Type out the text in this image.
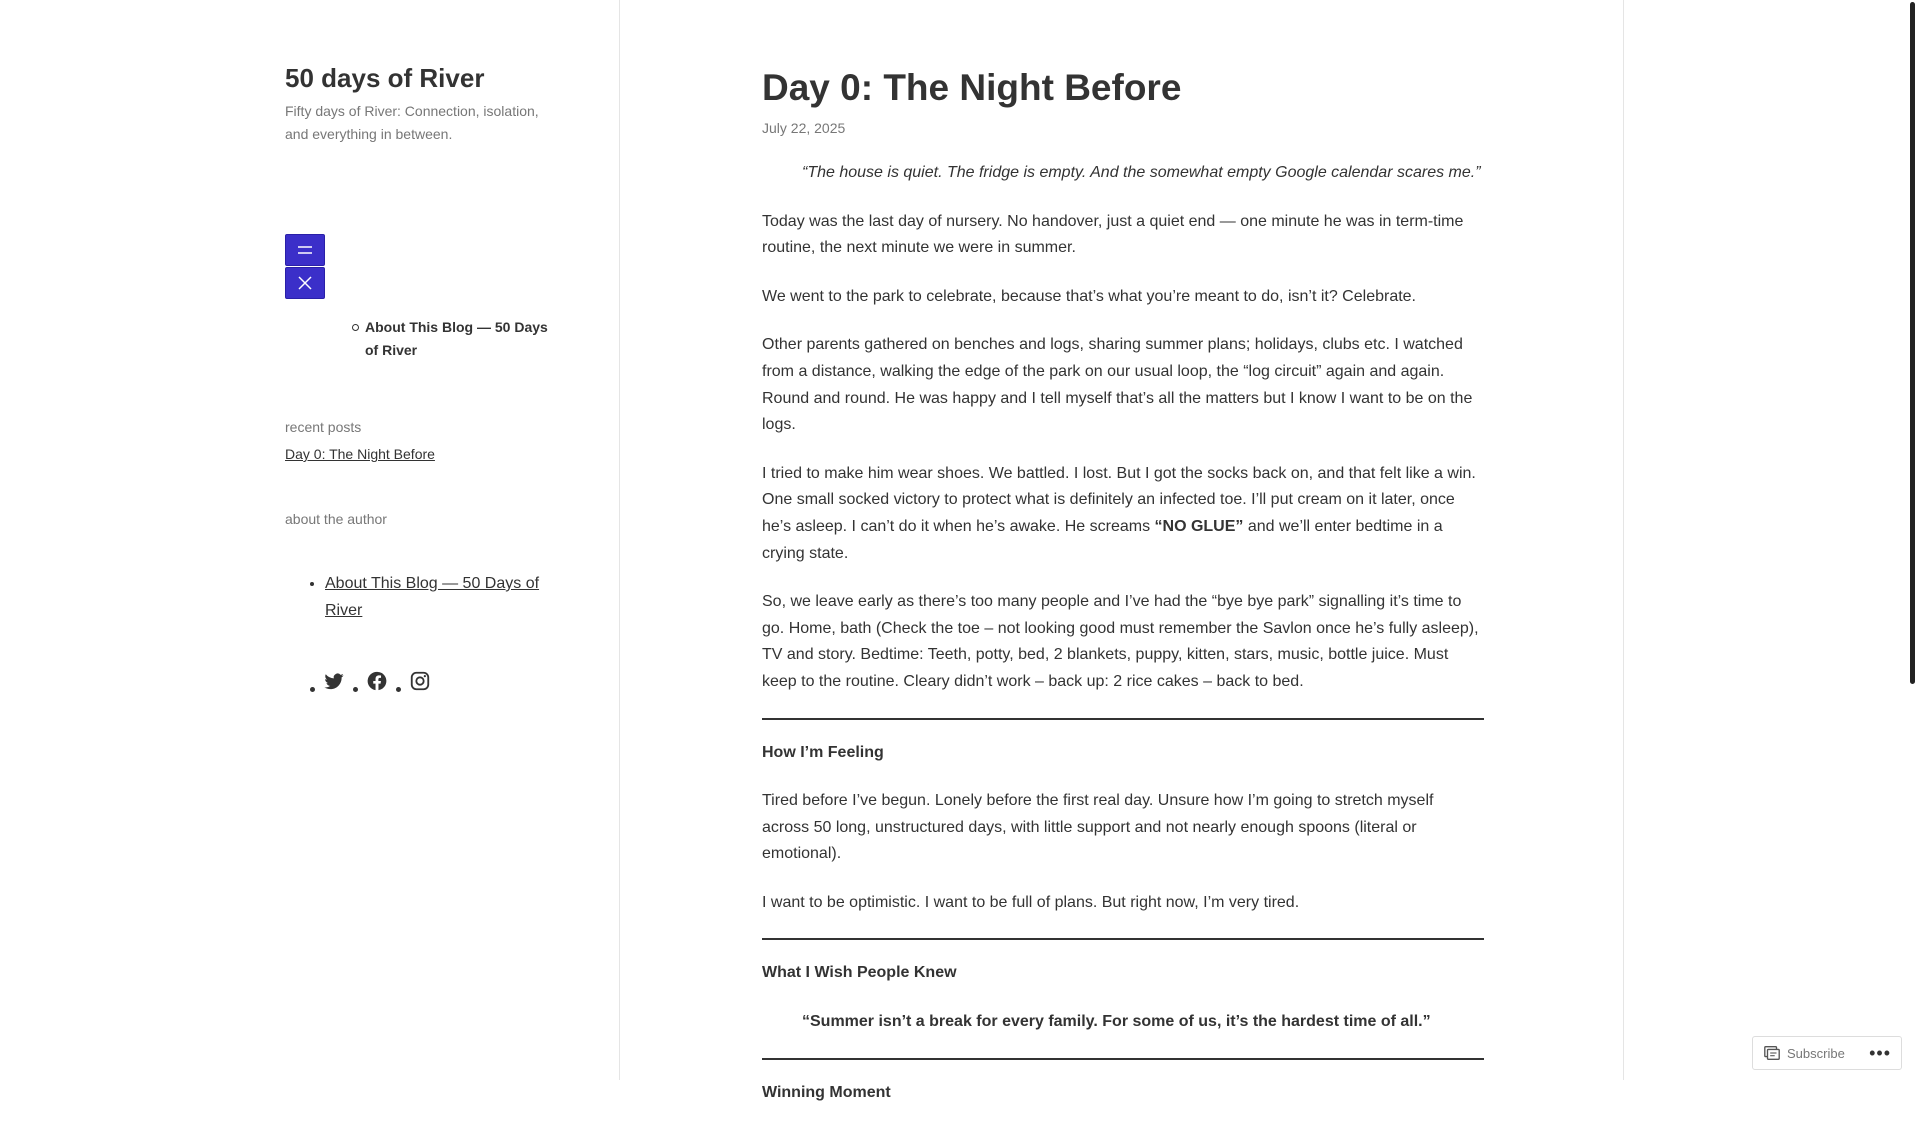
50 days of River
Fifty days of River: Connection, isolation, and everything in between.
About This Blog — 50 Days of River
recent posts
Day 0: The Night Before
about the author
• About This Blog — 50 Days of River
Day 0: The Night Before
July 22, 2025
“The house is quiet. The fridge is empty. And the somewhat empty Google calendar scares me.”

Today was the last day of nursery. No handover, just a quiet end — one minute he was in term-time routine, the next minute we were in summer.

We went to the park to celebrate, because that’s what you’re meant to do, isn’t it? Celebrate.

Other parents gathered on benches and logs, sharing summer plans; holidays, clubs etc. I watched from a distance, walking the edge of the park on our usual loop, the “log circuit” again and again. Round and round. He was happy and I tell myself that’s all the matters but I know I want to be on the logs.

I tried to make him wear shoes. We battled. I lost. But I got the socks back on, and that felt like a win. One small socked victory to protect what is definitely an infected toe. I’ll put cream on it later, once he’s asleep. I can’t do it when he’s awake. He screams “NO GLUE” and we’ll enter bedtime in a crying state.

So, we leave early as there’s too many people and I’ve had the “bye bye park” signalling it’s time to go. Home, bath (Check the toe – not looking good must remember the Savlon once he’s fully asleep), TV and story. Bedtime: Teeth, potty, bed, 2 blankets, puppy, kitten, stars, music, bottle juice. Must keep to the routine. Cleary didn’t work – back up: 2 rice cakes – back to bed.

How I’m Feeling

Tired before I’ve begun. Lonely before the first real day. Unsure how I’m going to stretch myself across 50 long, unstructured days, with little support and not nearly enough spoons (literal or emotional).

I want to be optimistic. I want to be full of plans. But right now, I’m very tired.

What I Wish People Knew
“Summer isn’t a break for every family. For some of us, it’s the hardest time of all.”
Winning Moment
Subscribe •••
